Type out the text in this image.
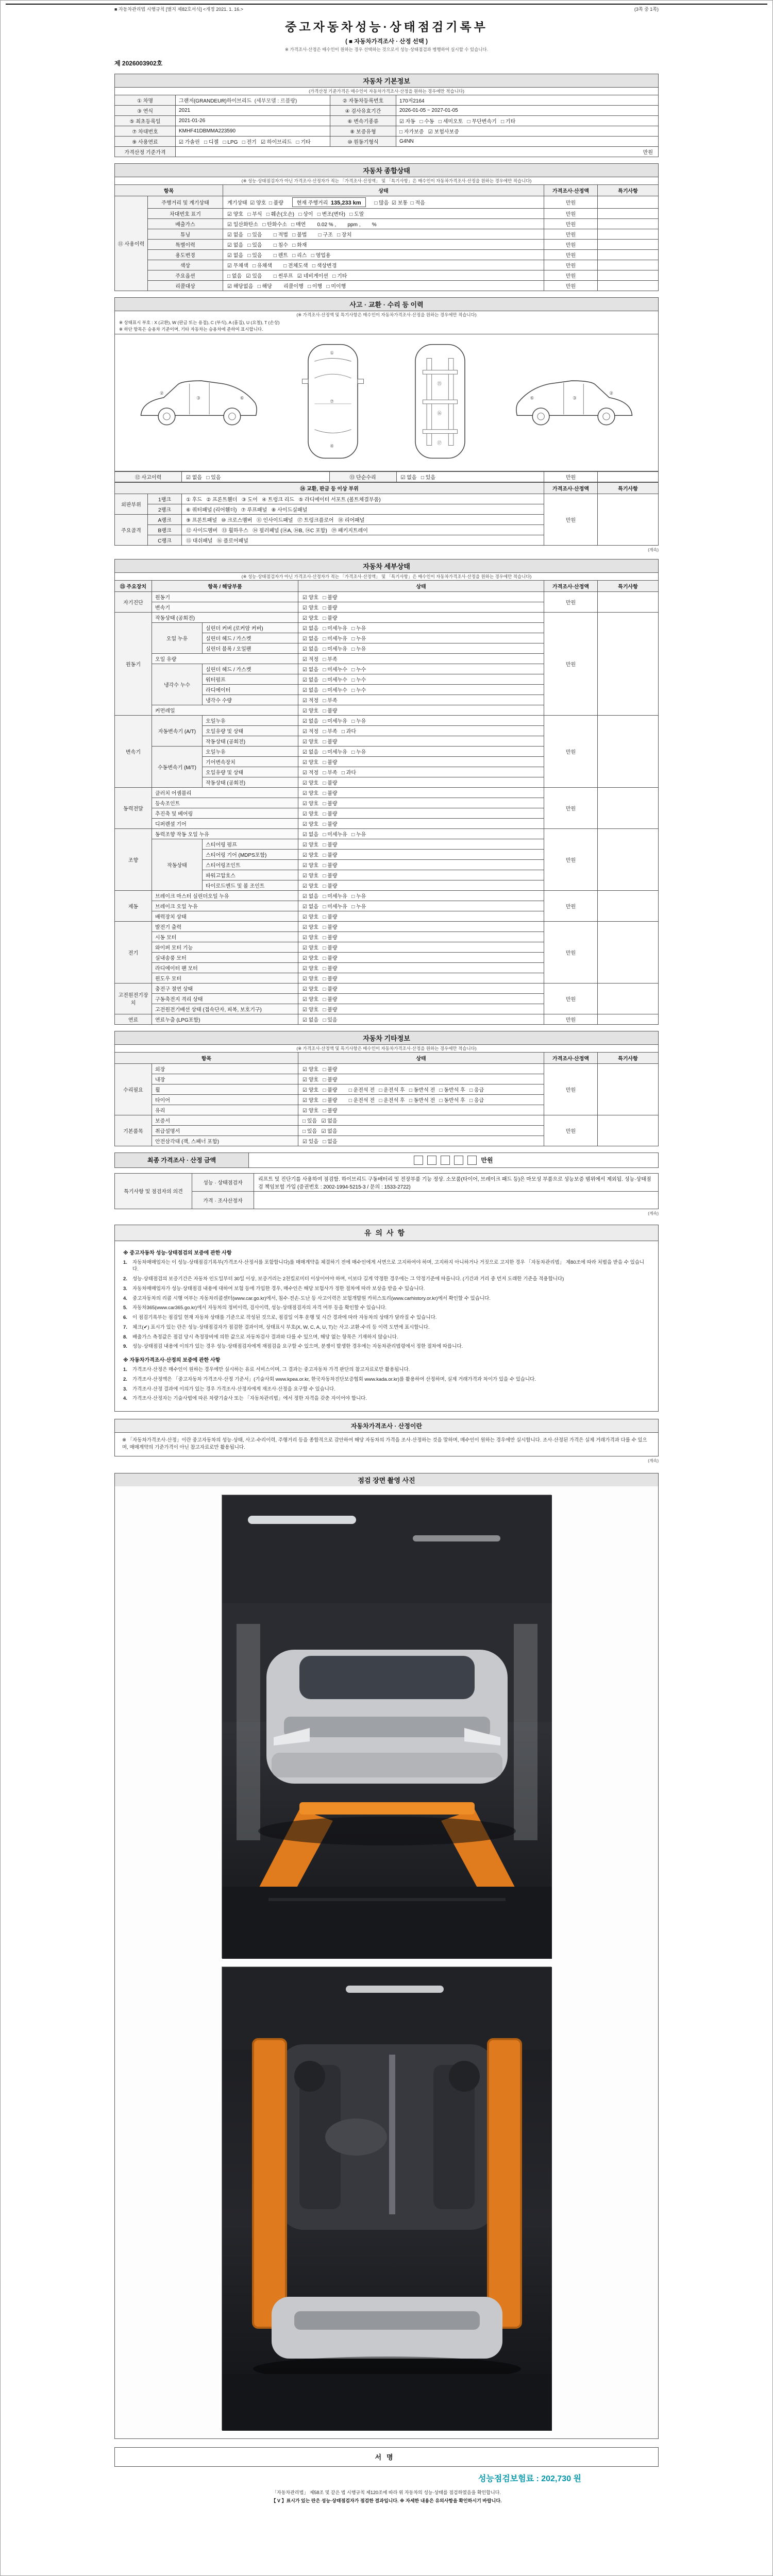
■ 자동차관리법 시행규칙 [별지 제82호서식] <개정 2021. 1. 16.>	(3쪽 중 1쪽)
중고자동차성능·상태점검기록부
( ■ 자동차가격조사 · 산정 선택 )
※ 가격조사·산정은 매수인이 원하는 경우 선택하는 것으로서 성능·상태점검과 병행하여 실시할 수 있습니다.
제 2026003902호
자동차 기본정보
(가격산정 기준가격은 매수인이 자동차가격조사·산정을 원하는 경우에만 적습니다)
① 차명	그랜저(GRANDEUR)하이브리드 (세부모델 : 르블랑)	② 자동차등록번호	170저2164
③ 연식	2021	④ 검사유효기간	2026-01-05 ~ 2027-01-05
⑤ 최초등록일	2021-01-26	⑥ 변속기종류	☑ 자동   □ 수동   □ 세미오토   □ 무단변속기   □ 기타
⑦ 차대번호	KMHF41DBMMA223590	⑧ 보증유형	□ 자가보증   ☑ 보험사보증
⑨ 사용연료	☑ 가솔린   □ 디젤   □ LPG   □ 전기   ☑ 하이브리드   □ 기타	⑩ 원동기형식	G4NN
가격산정 기준가격	만원		
자동차 종합상태
(※ 성능·상태점검자가 아닌 가격조사·산정자가 적는 「가격조사·산정액」 및 「특기사항」은 매수인이 자동차가격조사·산정을 원하는 경우에만 적습니다)
항목		상태	가격조사·산정액	특기사항
⑪ 사용이력	주행거리 및 계기상태	계기상태  ☑ 양호  □ 불량      현재 주행거리  135,233 km      □ 많음  ☑ 보통  □ 적음	만원	
	차대번호 표기	☑ 양호   □ 부식   □ 훼손(오손)   □ 상이   □ 변조(변타)   □ 도말	만원	
	배출가스	☑ 일산화탄소   □ 탄화수소   □ 매연        0.02 % ,        ppm ,        %	만원	
	튜닝	☑ 없음   □ 있음        □ 적법   □ 불법        □ 구조   □ 장치	만원	
	특별이력	☑ 없음   □ 있음        □ 침수   □ 화재	만원	
	용도변경	☑ 없음   □ 있음        □ 렌트   □ 리스   □ 영업용	만원	
	색상	☑ 무채색   □ 유채색        □ 전체도색   □ 색상변경	만원	
	주요옵션	□ 없음   ☑ 있음        □ 썬루프   ☑ 네비게이션   □ 기타	만원	
	리콜대상	☑ 해당없음   □ 해당        리콜이행   □ 이행   □ 미이행	만원	
사고 · 교환 · 수리 등 이력
(※ 가격조사·산정액 및 특기사항은 매수인이 자동차가격조사·산정을 원하는 경우에만 적습니다)
※ 상태표시 부호 : X (교환), W (판금 또는 용접), C (부식), A (흠집), U (요철), T (손상)
※ 하단 항목은 승용차 기준이며, 기타 자동차는 승용차에 준하여 표시합니다.
②
③	⑥
①
⑦
④
⑮
⑯
⑰
⑥	③
②
⑫ 사고이력	☑ 없음   □ 있음	⑬ 단순수리	☑ 없음   □ 있음	만원	
⑭ 교환, 판금 등 이상 부위			가격조사·산정액	특기사항
외판부위	1랭크	① 후드   ② 프론트휀더   ③ 도어   ④ 트렁크 리드   ⑤ 라디에이터 서포트 (볼트체결부품)	만원	
	2랭크	⑥ 쿼터패널 (리어휀더)   ⑦ 루프패널   ⑧ 사이드실패널		
주요골격	A랭크	⑨ 프론트패널   ⑩ 크로스멤버   ⑪ 인사이드패널   ⑰ 트렁크플로어   ⑱ 리어패널		
	B랭크	⑫ 사이드멤버   ⑬ 휠하우스   ⑭ 필러패널 (⑭A, ⑭B, ⑭C 포함)   ⑲ 패키지트레이		
	C랭크	⑮ 대쉬패널   ⑯ 플로어패널		
(계속)
자동차 세부상태
(※ 성능·상태점검자가 아닌 가격조사·산정자가 적는 「가격조사·산정액」 및 「특기사항」은 매수인이 자동차가격조사·산정을 원하는 경우에만 적습니다)
⑮ 주요장치	항목 / 해당부품		상태	가격조사·산정액	특기사항
자기진단	원동기		☑ 양호   □ 불량	만원	
	변속기		☑ 양호   □ 불량		
원동기	작동상태 (공회전)		☑ 양호   □ 불량	만원	
	오일 누유	실린더 커버 (로커암 커버)	☑ 없음   □ 미세누유   □ 누유		
		실린더 헤드 / 가스켓	☑ 없음   □ 미세누유   □ 누유		
		실린더 블록 / 오일팬	☑ 없음   □ 미세누유   □ 누유		
	오일 유량		☑ 적정   □ 부족		
	냉각수 누수	실린더 헤드 / 가스켓	☑ 없음   □ 미세누수   □ 누수		
		워터펌프	☑ 없음   □ 미세누수   □ 누수		
		라디에이터	☑ 없음   □ 미세누수   □ 누수		
		냉각수 수량	☑ 적정   □ 부족		
	커먼레일		☑ 양호   □ 불량		
변속기	자동변속기 (A/T)	오일누유	☑ 없음   □ 미세누유   □ 누유	만원	
		오일유량 및 상태	☑ 적정   □ 부족   □ 과다		
		작동상태 (공회전)	☑ 양호   □ 불량		
	수동변속기 (M/T)	오일누유	☑ 없음   □ 미세누유   □ 누유		
		기어변속장치	☑ 양호   □ 불량		
		오일유량 및 상태	☑ 적정   □ 부족   □ 과다		
		작동상태 (공회전)	☑ 양호   □ 불량		
동력전달	클러치 어셈블리		☑ 양호   □ 불량	만원	
	등속조인트		☑ 양호   □ 불량		
	추진축 및 베어링		☑ 양호   □ 불량		
	디퍼렌셜 기어		☑ 양호   □ 불량		
조향	동력조향 작동 오일 누유		☑ 없음   □ 미세누유   □ 누유	만원	
	작동상태	스티어링 펌프	☑ 양호   □ 불량		
		스티어링 기어 (MDPS포함)	☑ 양호   □ 불량		
		스티어링조인트	☑ 양호   □ 불량		
		파워고압호스	☑ 양호   □ 불량		
		타이로드엔드 및 볼 조인트	☑ 양호   □ 불량		
제동	브레이크 마스터 실린더오일 누유		☑ 없음   □ 미세누유   □ 누유	만원	
	브레이크 오일 누유		☑ 없음   □ 미세누유   □ 누유		
	배력장치 상태		☑ 양호   □ 불량		
전기	발전기 출력		☑ 양호   □ 불량	만원	
	시동 모터		☑ 양호   □ 불량		
	와이퍼 모터 기능		☑ 양호   □ 불량		
	실내송풍 모터		☑ 양호   □ 불량		
	라디에이터 팬 모터		☑ 양호   □ 불량		
	윈도우 모터		☑ 양호   □ 불량		
고전원전기장치	충전구 절연 상태		☑ 양호   □ 불량	만원	
	구동축전지 격리 상태		☑ 양호   □ 불량		
	고전원전기배선 상태 (접속단자, 피복, 보호기구)		☑ 양호   □ 불량		
연료	연료누출 (LPG포함)		☑ 없음   □ 있음	만원	
자동차 기타정보
(※ 가격조사·산정액 및 특기사항은 매수인이 자동차가격조사·산정을 원하는 경우에만 적습니다)
항목		상태	가격조사·산정액	특기사항
수리필요	외장	☑ 양호   □ 불량	만원	
	내장	☑ 양호   □ 불량		
	휠	☑ 양호   □ 불량        □ 운전석 전   □ 운전석 후   □ 동반석 전   □ 동반석 후   □ 응급		
	타이어	☑ 양호   □ 불량        □ 운전석 전   □ 운전석 후   □ 동반석 전   □ 동반석 후   □ 응급		
	유리	☑ 양호   □ 불량		
기본품목	보증서	□ 있음   ☑ 없음	만원	
	취급설명서	□ 있음   ☑ 없음		
	안전삼각대 (잭, 스패너 포함)	☑ 있음   □ 없음		
최종 가격조사 · 산정 금액	만원
특기사항 및 점검자의 의견	성능 · 상태점검자	리프트 및 진단기를 사용하여 점검함. 하이브리드 구동배터리 및 전장부품 기능 정상. 소모품(타이어, 브레이크 패드 등)은 마모성 부품으로 성능보증 범위에서 제외됨. 성능·상태점검 책임보험 가입 (증권번호 : 2002-1994-5215-3 / 문의 : 1533-2722)
	가격 · 조사산정자	
(계속)
유의사항
※ 중고자동차 성능·상태점검의 보증에 관한 사항
1.	자동차매매업자는 이 성능·상태점검기록부(가격조사·산정서를 포함합니다)를 매매계약을 체결하기 전에 매수인에게 서면으로 고지하여야 하며, 고지하지 아니하거나 거짓으로 고지한 경우 「자동차관리법」 제80조에 따라 처벌을 받을 수 있습니다.
2.	성능·상태점검의 보증기간은 자동차 인도일부터 30일 이상, 보증거리는 2천킬로미터 이상이어야 하며, 이보다 길게 약정한 경우에는 그 약정기준에 따릅니다. (기간과 거리 중 먼저 도래한 기준을 적용합니다)
3.	자동차매매업자가 성능·상태점검 내용에 대하여 보험 등에 가입한 경우, 매수인은 해당 보험사가 정한 절차에 따라 보상을 받을 수 있습니다.
4.	중고자동차의 리콜 시행 여부는 자동차리콜센터(www.car.go.kr)에서, 침수·전손·도난 등 사고이력은 보험개발원 카히스토리(www.carhistory.or.kr)에서 확인할 수 있습니다.
5.	자동차365(www.car365.go.kr)에서 자동차의 정비이력, 검사이력, 성능·상태점검자의 자격 여부 등을 확인할 수 있습니다.
6.	이 점검기록부는 점검일 현재 자동차 상태를 기준으로 작성된 것으로, 점검일 이후 운행 및 시간 경과에 따라 자동차의 상태가 달라질 수 있습니다.
7.	체크(✔) 표시가 있는 란은 성능·상태점검자가 점검한 결과이며, 상태표시 부호(X, W, C, A, U, T)는 사고·교환·수리 등 이력 도면에 표시합니다.
8.	배출가스 측정값은 점검 당시 측정장비에 의한 값으로 자동차검사 결과와 다를 수 있으며, 해당 없는 항목은 기재하지 않습니다.
9.	성능·상태점검 내용에 이의가 있는 경우 성능·상태점검자에게 재점검을 요구할 수 있으며, 분쟁이 발생한 경우에는 자동차관리법령에서 정한 절차에 따릅니다.
※ 자동차가격조사·산정의 보증에 관한 사항
1.	가격조사·산정은 매수인이 원하는 경우에만 실시하는 유료 서비스이며, 그 결과는 중고자동차 가격 판단의 참고자료로만 활용됩니다.
2.	가격조사·산정액은 「중고자동차 가격조사·산정 기준서」(기술사회 www.kpea.or.kr, 한국자동차진단보증협회 www.kada.or.kr)를 활용하여 산정하며, 실제 거래가격과 차이가 있을 수 있습니다.
3.	가격조사·산정 결과에 이의가 있는 경우 가격조사·산정자에게 재조사·산정을 요구할 수 있습니다.
4.	가격조사·산정자는 기술사법에 따른 차량기술사 또는 「자동차관리법」에서 정한 자격을 갖춘 자이어야 합니다.
자동차가격조사 · 산정이란
※ 「자동차가격조사·산정」이란 중고자동차의 성능·상태, 사고·수리이력, 주행거리 등을 종합적으로 감안하여 해당 자동차의 가격을 조사·산정하는 것을 말하며, 매수인이 원하는 경우에만 실시합니다. 조사·산정된 가격은 실제 거래가격과 다를 수 있으며, 매매계약의 기준가격이 아닌 참고자료로만 활용됩니다.
(계속)
점검 장면 촬영 사진
서명
성능점검보험료 : 202,730 원
「자동차관리법」 제58조 및 같은 법 시행규칙 제120조에 따라 위 자동차의 성능·상태를 점검하였음을 확인합니다.
【 V 】표시가 있는 란은 성능·상태점검자가 점검한 결과입니다. ※ 자세한 내용은 유의사항을 확인하시기 바랍니다.
